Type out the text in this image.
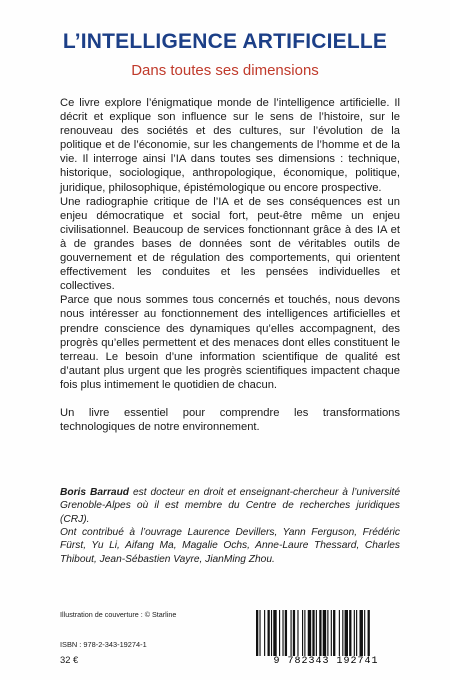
L’INTELLIGENCE ARTIFICIELLE
Dans toutes ses dimensions

Ce livre explore l’énigmatique monde de l’intelligence artificielle. Il décrit et explique son influence sur le sens de l’histoire, sur le renouveau des sociétés et des cultures, sur l’évolution de la politique et de l’économie, sur les changements de l’homme et de la vie. Il interroge ainsi l’IA dans toutes ses dimensions : technique, historique, sociologique, anthropologique, économique, politique, juridique, philosophique, épistémologique ou encore prospective.

Une radiographie critique de l’IA et de ses conséquences est un enjeu démocratique et social fort, peut-être même un enjeu civilisationnel. Beaucoup de services fonctionnant grâce à des IA et à de grandes bases de données sont de véritables outils de gouvernement et de régulation des comportements, qui orientent effectivement les conduites et les pensées individuelles et collectives.

Parce que nous sommes tous concernés et touchés, nous devons nous intéresser au fonctionnement des intelligences artificielles et prendre conscience des dynamiques qu’elles accompagnent, des progrès qu’elles permettent et des menaces dont elles constituent le terreau. Le besoin d’une information scientifique de qualité est d’autant plus urgent que les progrès scientifiques impactent chaque fois plus intimement le quotidien de chacun.

Un livre essentiel pour comprendre les transformations technologiques de notre environnement.

Boris Barraud est docteur en droit et enseignant-chercheur à l’université Grenoble-Alpes où il est membre du Centre de recherches juridiques (CRJ).
Ont contribué à l’ouvrage Laurence Devillers, Yann Ferguson, Frédéric Fürst, Yu Li, Aifang Ma, Magalie Ochs, Anne-Laure Thessard, Charles Thibout, Jean-Sébastien Vayre, JianMing Zhou.
Illustration de couverture : © Starline
ISBN : 978-2-343-19274-1
32 €	9 782343 192741
